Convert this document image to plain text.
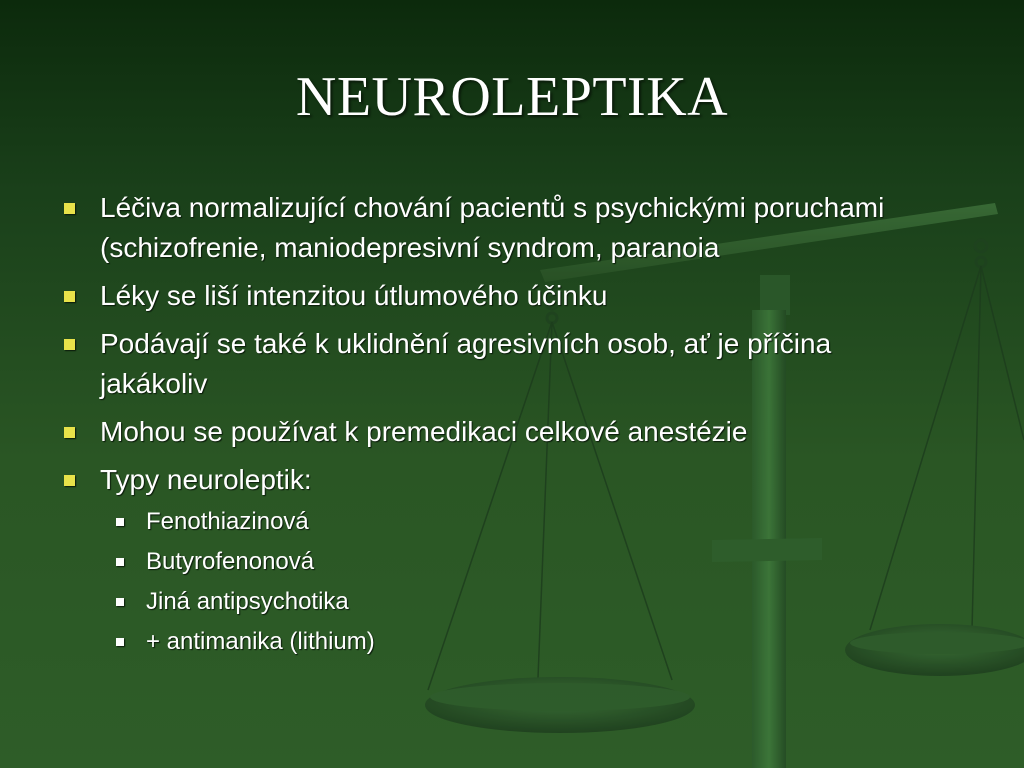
NEUROLEPTIKA
Léčiva normalizující chování pacientů s psychickými poruchami (schizofrenie, maniodepresivní syndrom, paranoia
Léky se liší intenzitou útlumového účinku
Podávají se také k uklidnění agresivních osob, ať je příčina jakákoliv
Mohou se používat k premedikaci celkové anestézie
Typy neuroleptik:
Fenothiazinová
Butyrofenonová
Jiná antipsychotika
+ antimanika (lithium)
